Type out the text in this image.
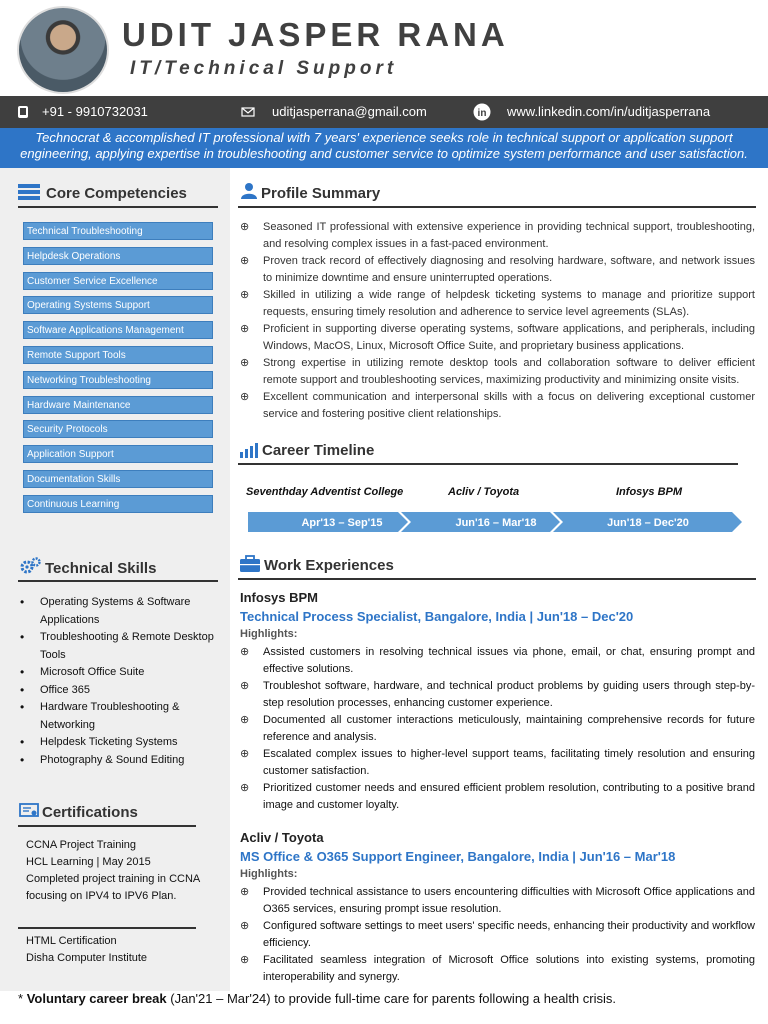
UDIT JASPER RANA
IT/Technical Support
+91 - 9910732031	uditjasperrana@gmail.com	in www.linkedin.com/in/uditjasperrana
Technocrat & accomplished IT professional with 7 years' experience seeks role in technical support or application support
engineering, applying expertise in troubleshooting and customer service to optimize system performance and user satisfaction.
Core Competencies
Technical Troubleshooting
Helpdesk Operations
Customer Service Excellence
Operating Systems Support
Software Applications Management
Remote Support Tools
Networking Troubleshooting
Hardware Maintenance
Security Protocols
Application Support
Documentation Skills
Continuous Learning
Technical Skills
• Operating Systems & Software Applications
• Troubleshooting & Remote Desktop Tools
• Microsoft Office Suite
• Office 365
• Hardware Troubleshooting & Networking
• Helpdesk Ticketing Systems
• Photography & Sound Editing
Certifications
CCNA Project Training
HCL Learning | May 2015
Completed project training in CCNA focusing on IPV4 to IPV6 Plan.
HTML Certification
Disha Computer Institute
Profile Summary
⊕ Seasoned IT professional with extensive experience in providing technical support, troubleshooting, and resolving complex issues in a fast-paced environment.
⊕ Proven track record of effectively diagnosing and resolving hardware, software, and network issues to minimize downtime and ensure uninterrupted operations.
⊕ Skilled in utilizing a wide range of helpdesk ticketing systems to manage and prioritize support requests, ensuring timely resolution and adherence to service level agreements (SLAs).
⊕ Proficient in supporting diverse operating systems, software applications, and peripherals, including Windows, MacOS, Linux, Microsoft Office Suite, and proprietary business applications.
⊕ Strong expertise in utilizing remote desktop tools and collaboration software to deliver efficient remote support and troubleshooting services, maximizing productivity and minimizing onsite visits.
⊕ Excellent communication and interpersonal skills with a focus on delivering exceptional customer service and fostering positive client relationships.
Career Timeline
Seventhday Adventist College	Acliv / Toyota	Infosys BPM
Apr'13 – Sep'15	Jun'16 – Mar'18	Jun'18 – Dec'20
Work Experiences
Infosys BPM
Technical Process Specialist, Bangalore, India | Jun'18 – Dec'20
Highlights:
⊕ Assisted customers in resolving technical issues via phone, email, or chat, ensuring prompt and effective solutions.
⊕ Troubleshot software, hardware, and technical product problems by guiding users through step-by-step resolution processes, enhancing customer experience.
⊕ Documented all customer interactions meticulously, maintaining comprehensive records for future reference and analysis.
⊕ Escalated complex issues to higher-level support teams, facilitating timely resolution and ensuring customer satisfaction.
⊕ Prioritized customer needs and ensured efficient problem resolution, contributing to a positive brand image and customer loyalty.
Acliv / Toyota
MS Office & O365 Support Engineer, Bangalore, India | Jun'16 – Mar'18
Highlights:
⊕ Provided technical assistance to users encountering difficulties with Microsoft Office applications and O365 services, ensuring prompt issue resolution.
⊕ Configured software settings to meet users' specific needs, enhancing their productivity and workflow efficiency.
⊕ Facilitated seamless integration of Microsoft Office solutions into existing systems, promoting interoperability and synergy.
* Voluntary career break (Jan'21 – Mar'24) to provide full-time care for parents following a health crisis.
